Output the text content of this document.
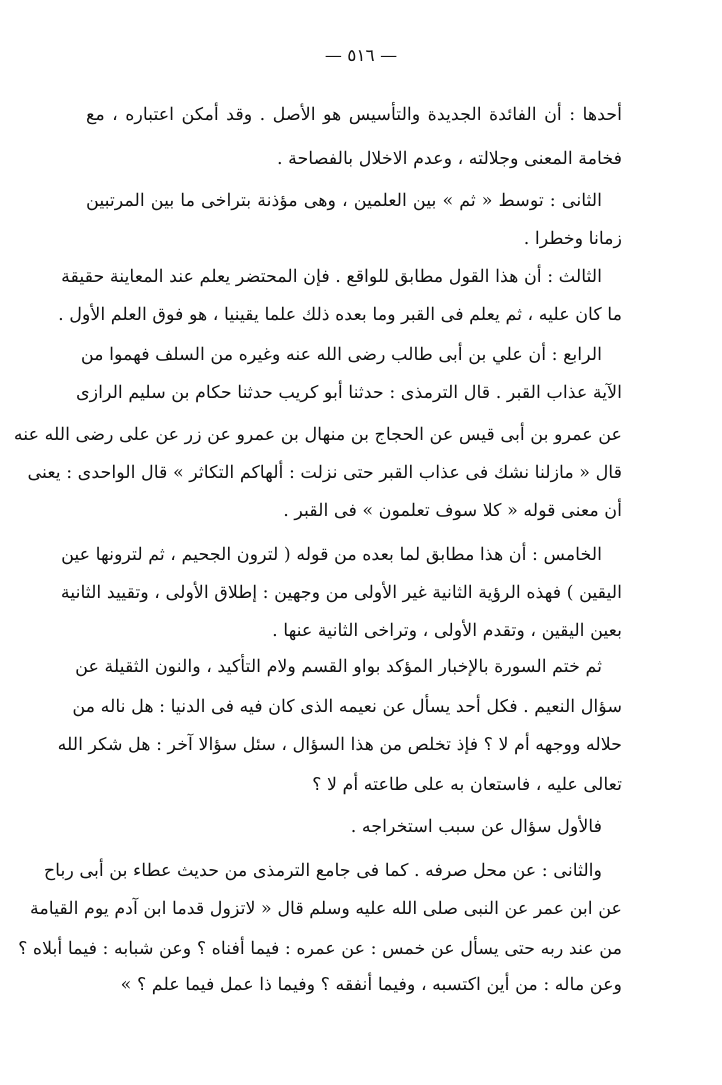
— ٥١٦ —
أحدها : أن الفائدة الجديدة والتأسيس هو الأصل . وقد أمكن اعتباره ، مع
فخامة المعنى وجلالته ، وعدم الاخلال بالفصاحة .
الثانى : توسط « ثم » بين العلمين ، وهى مؤذنة بتراخى ما بين المرتبين
زمانا وخطرا .
الثالث : أن هذا القول مطابق للواقع . فإن المحتضر يعلم عند المعاينة حقيقة
ما كان عليه ، ثم يعلم فى القبر وما بعده ذلك علما يقينيا ، هو فوق العلم الأول .
الرابع : أن علي بن أبى طالب رضى الله عنه وغيره من السلف فهموا من
الآية عذاب القبر . قال الترمذى : حدثنا أبو كريب حدثنا حكام بن سليم الرازى
عن عمرو بن أبى قيس عن الحجاج بن منهال بن عمرو عن زر عن على رضى الله عنه
قال « مازلنا نشك فى عذاب القبر حتى نزلت : ألهاكم التكاثر » قال الواحدى : يعنى
أن معنى قوله « كلا سوف تعلمون » فى القبر .
الخامس : أن هذا مطابق لما بعده من قوله ( لترون الجحيم ، ثم لترونها عين
اليقين ) فهذه الرؤية الثانية غير الأولى من وجهين : إطلاق الأولى ، وتقييد الثانية
بعين اليقين ، وتقدم الأولى ، وتراخى الثانية عنها .
ثم ختم السورة بالإخبار المؤكد بواو القسم ولام التأكيد ، والنون الثقيلة عن
سؤال النعيم . فكل أحد يسأل عن نعيمه الذى كان فيه فى الدنيا : هل ناله من
حلاله ووجهه أم لا ؟ فإذ تخلص من هذا السؤال ، سئل سؤالا آخر : هل شكر الله
تعالى عليه ، فاستعان به على طاعته أم لا ؟
فالأول سؤال عن سبب استخراجه .
والثانى : عن محل صرفه . كما فى جامع الترمذى من حديث عطاء بن أبى رباح
عن ابن عمر عن النبى صلى الله عليه وسلم قال « لاتزول قدما ابن آدم يوم القيامة
من عند ربه حتى يسأل عن خمس : عن عمره : فيما أفناه ؟ وعن شبابه : فيما أبلاه ؟
وعن ماله : من أين اكتسبه ، وفيما أنفقه ؟ وفيما ذا عمل فيما علم ؟ »
